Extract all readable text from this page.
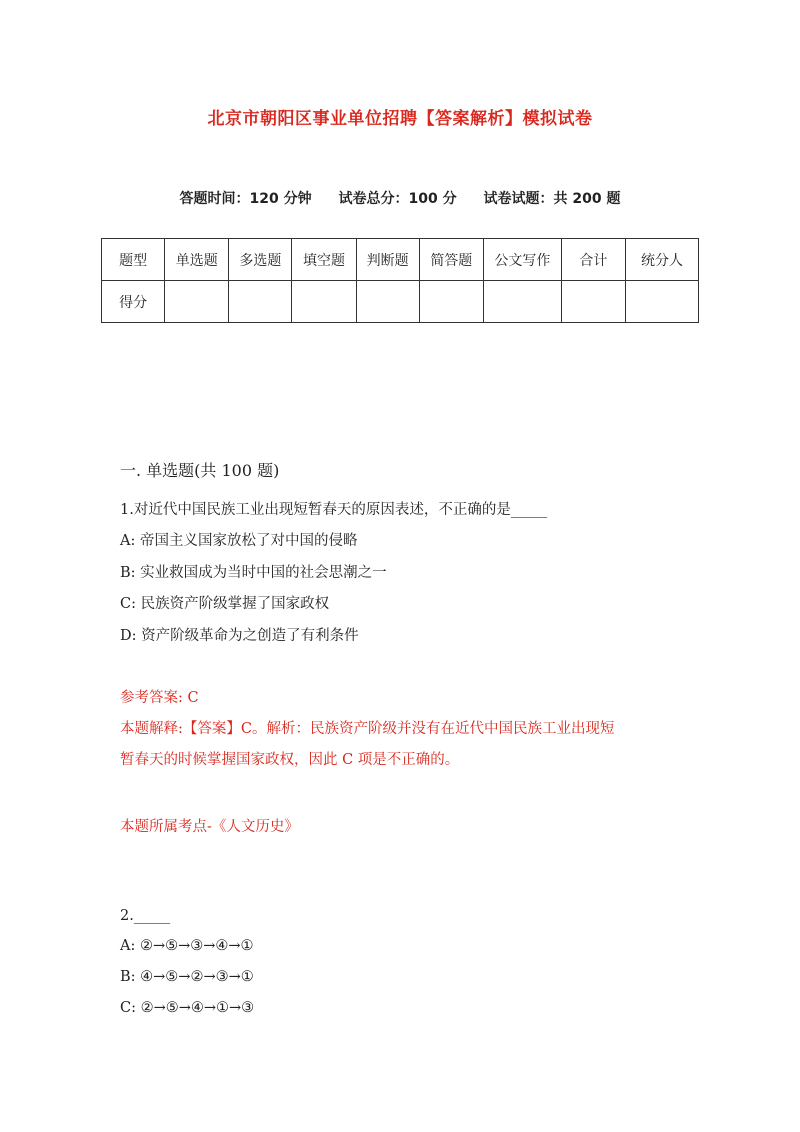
北京市朝阳区事业单位招聘【答案解析】模拟试卷
答题时间：120 分钟 试卷总分：100 分 试卷试题：共 200 题
题型	单选题	多选题	填空题	判断题	简答题	公文写作	合计	统分人
得分								
一. 单选题(共 100 题)
1.对近代中国民族工业出现短暂春天的原因表述，不正确的是_____
A: 帝国主义国家放松了对中国的侵略
B: 实业救国成为当时中国的社会思潮之一
C: 民族资产阶级掌握了国家政权
D: 资产阶级革命为之创造了有利条件
参考答案: C
本题解释:【答案】C。解析：民族资产阶级并没有在近代中国民族工业出现短
暂春天的时候掌握国家政权，因此 C 项是不正确的。
本题所属考点-《人文历史》
2._____
A: ②→⑤→③→④→①
B: ④→⑤→②→③→①
C: ②→⑤→④→①→③
